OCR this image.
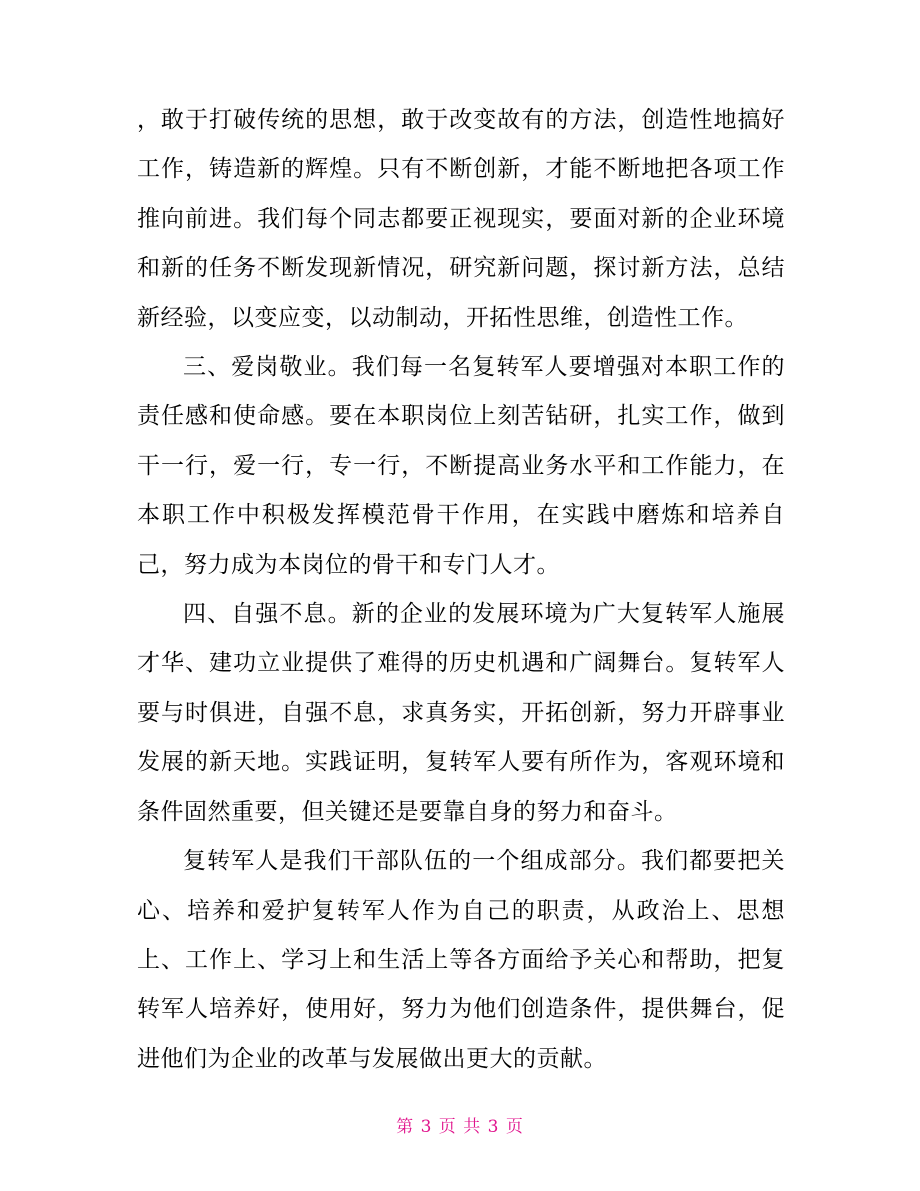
，敢于打破传统的思想，敢于改变故有的方法，创造性地搞好工作，铸造新的辉煌。只有不断创新，才能不断地把各项工作推向前进。我们每个同志都要正视现实，要面对新的企业环境和新的任务不断发现新情况，研究新问题，探讨新方法，总结新经验，以变应变，以动制动，开拓性思维，创造性工作。

三、爱岗敬业。我们每一名复转军人要增强对本职工作的责任感和使命感。要在本职岗位上刻苦钻研，扎实工作，做到干一行，爱一行，专一行，不断提高业务水平和工作能力，在本职工作中积极发挥模范骨干作用，在实践中磨炼和培养自己，努力成为本岗位的骨干和专门人才。

四、自强不息。新的企业的发展环境为广大复转军人施展才华、建功立业提供了难得的历史机遇和广阔舞台。复转军人要与时俱进，自强不息，求真务实，开拓创新，努力开辟事业发展的新天地。实践证明，复转军人要有所作为，客观环境和条件固然重要，但关键还是要靠自身的努力和奋斗。

复转军人是我们干部队伍的一个组成部分。我们都要把关心、培养和爱护复转军人作为自己的职责，从政治上、思想上、工作上、学习上和生活上等各方面给予关心和帮助，把复转军人培养好，使用好，努力为他们创造条件，提供舞台，促进他们为企业的改革与发展做出更大的贡献。

第 3 页 共 3 页
